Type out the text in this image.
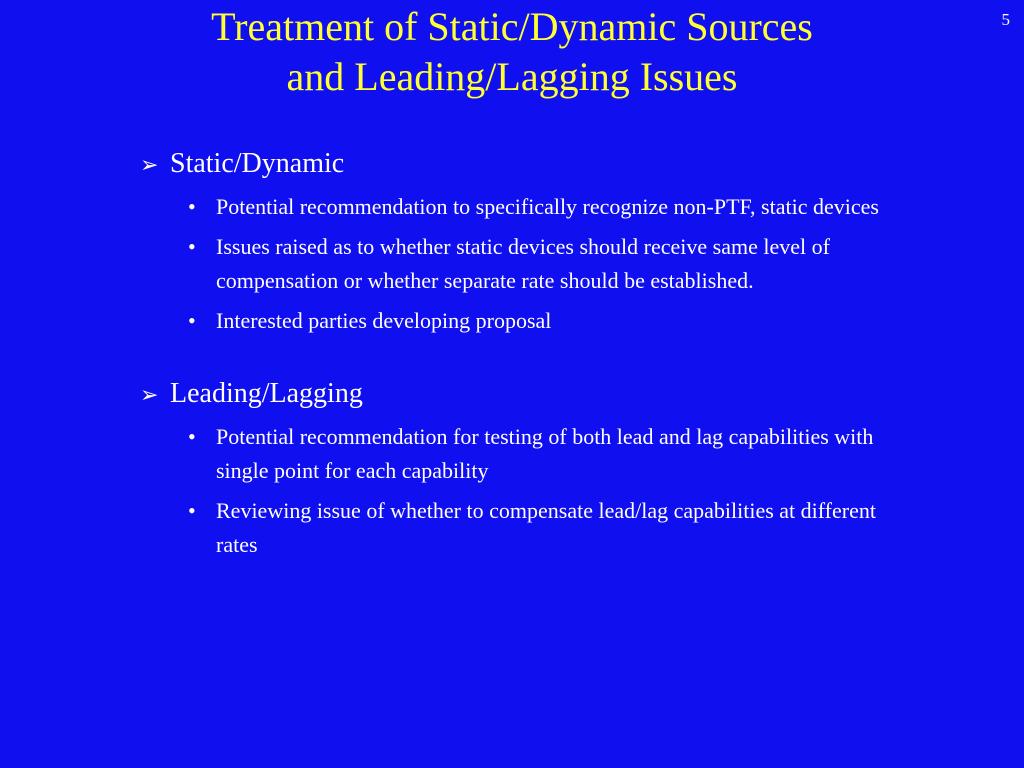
5
Treatment of Static/Dynamic Sources
and Leading/Lagging Issues
➢ Static/Dynamic
• Potential recommendation to specifically recognize non-PTF, static devices
• Issues raised as to whether static devices should receive same level of compensation or whether separate rate should be established.
• Interested parties developing proposal
➢ Leading/Lagging
• Potential recommendation for testing of both lead and lag capabilities with single point for each capability
• Reviewing issue of whether to compensate lead/lag capabilities at different rates
